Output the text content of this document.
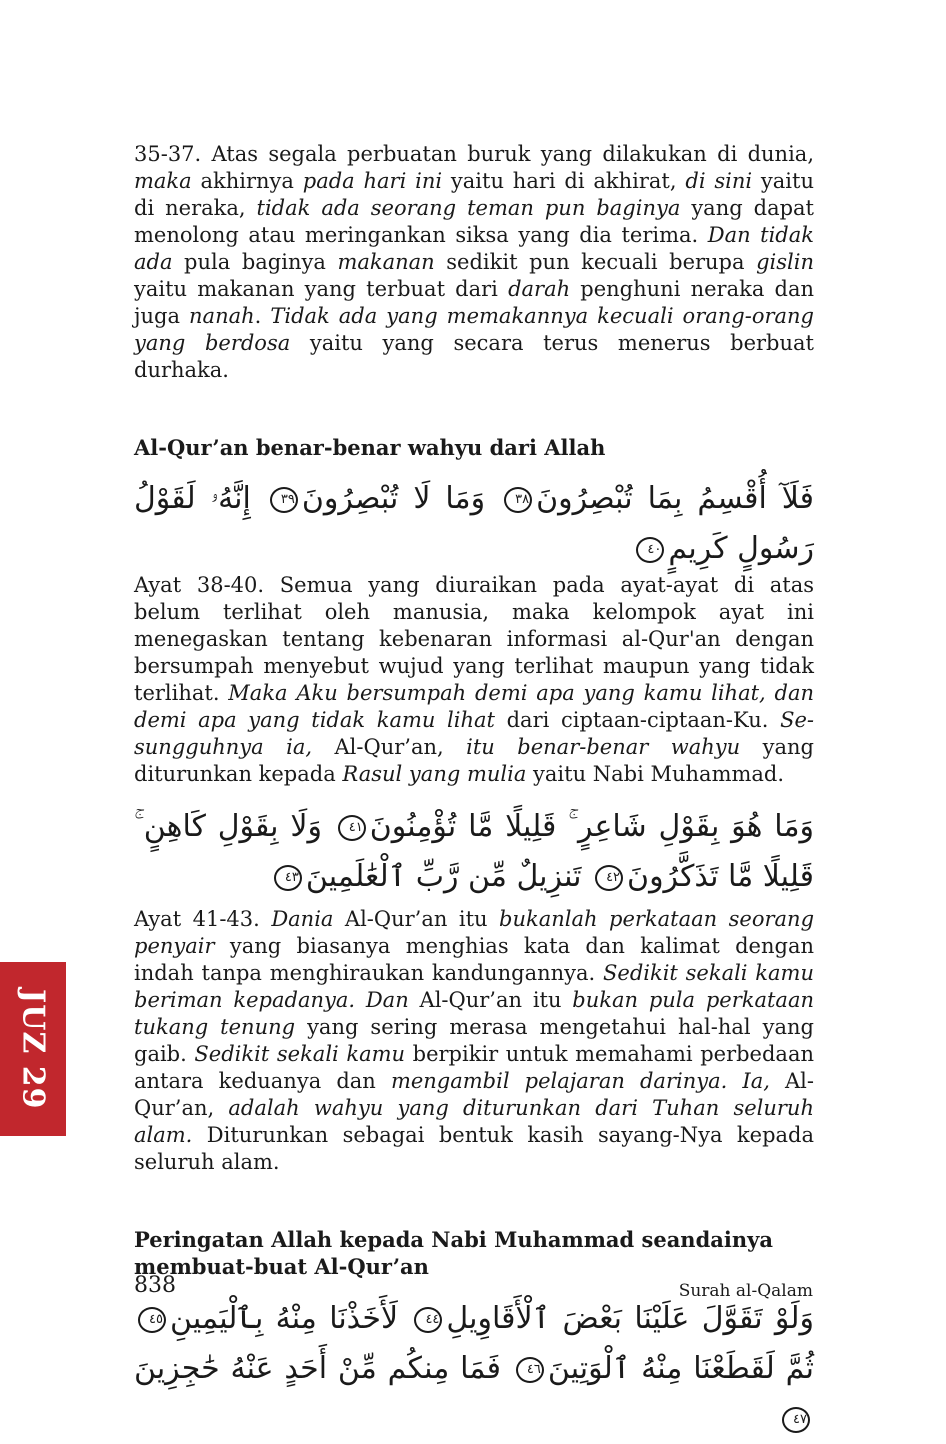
JUZ 29

35-37. Atas segala perbuatan buruk yang dilakukan di dunia, maka akhirnya pada hari ini yaitu hari di akhirat, di sini yaitu di neraka, tidak ada seorang teman pun baginya yang dapat menolong atau meringankan siksa yang dia terima. Dan tidak ada pula baginya makanan sedikit pun kecuali berupa gislin yaitu makanan yang terbuat dari darah penghuni neraka dan juga nanah. Tidak ada yang memakannya kecuali orang-orang yang berdosa yaitu yang secara terus menerus berbuat durhaka.

Al-Qur’an benar-benar wahyu dari Allah

فَلَآ أُقْسِمُ بِمَا تُبْصِرُونَ٣٨ وَمَا لَا تُبْصِرُونَ٣٩ إِنَّهُۥ لَقَوْلُ رَسُولٍ كَرِيمٍ٤٠

Ayat 38-40. Semua yang diuraikan pada ayat-ayat di atas belum terlihat oleh manusia, maka kelompok ayat ini menegaskan tentang kebenaran informasi al-Qur'an dengan bersumpah menyebut wujud yang terlihat maupun yang tidak terlihat. Maka Aku bersumpah demi apa yang kamu lihat, dan demi apa yang tidak kamu lihat dari ciptaan-ciptaan-Ku. Se-sungguhnya ia, Al-Qur’an, itu benar-benar wahyu yang diturunkan kepada Rasul yang mulia yaitu Nabi Muhammad.

وَمَا هُوَ بِقَوْلِ شَاعِرٍ ۚ قَلِيلًا مَّا تُؤْمِنُونَ٤١ وَلَا بِقَوْلِ كَاهِنٍ ۚ قَلِيلًا مَّا تَذَكَّرُونَ٤٢ تَنزِيلٌ مِّن رَّبِّ ٱلْعَٰلَمِينَ٤٣

Ayat 41-43. Dania Al-Qur’an itu bukanlah perkataan seorang penyair yang biasanya menghias kata dan kalimat dengan indah tanpa menghiraukan kandungannya. Sedikit sekali kamu beriman kepadanya. Dan Al-Qur’an itu bukan pula perkataan tukang tenung yang sering merasa mengetahui hal-hal yang gaib. Sedikit sekali kamu berpikir untuk memahami perbedaan antara keduanya dan mengambil pelajaran darinya. Ia, Al-Qur’an, adalah wahyu yang diturunkan dari Tuhan seluruh alam. Diturunkan sebagai bentuk kasih sayang-Nya kepada seluruh alam.

Peringatan Allah kepada Nabi Muhammad seandainya membuat-buat Al-Qur’an

وَلَوْ تَقَوَّلَ عَلَيْنَا بَعْضَ ٱلْأَقَاوِيلِ٤٤ لَأَخَذْنَا مِنْهُ بِٱلْيَمِينِ٤٥ ثُمَّ لَقَطَعْنَا مِنْهُ ٱلْوَتِينَ٤٦ فَمَا مِنكُم مِّنْ أَحَدٍ عَنْهُ حَٰجِزِينَ٤٧

838	Surah al-Qalam
